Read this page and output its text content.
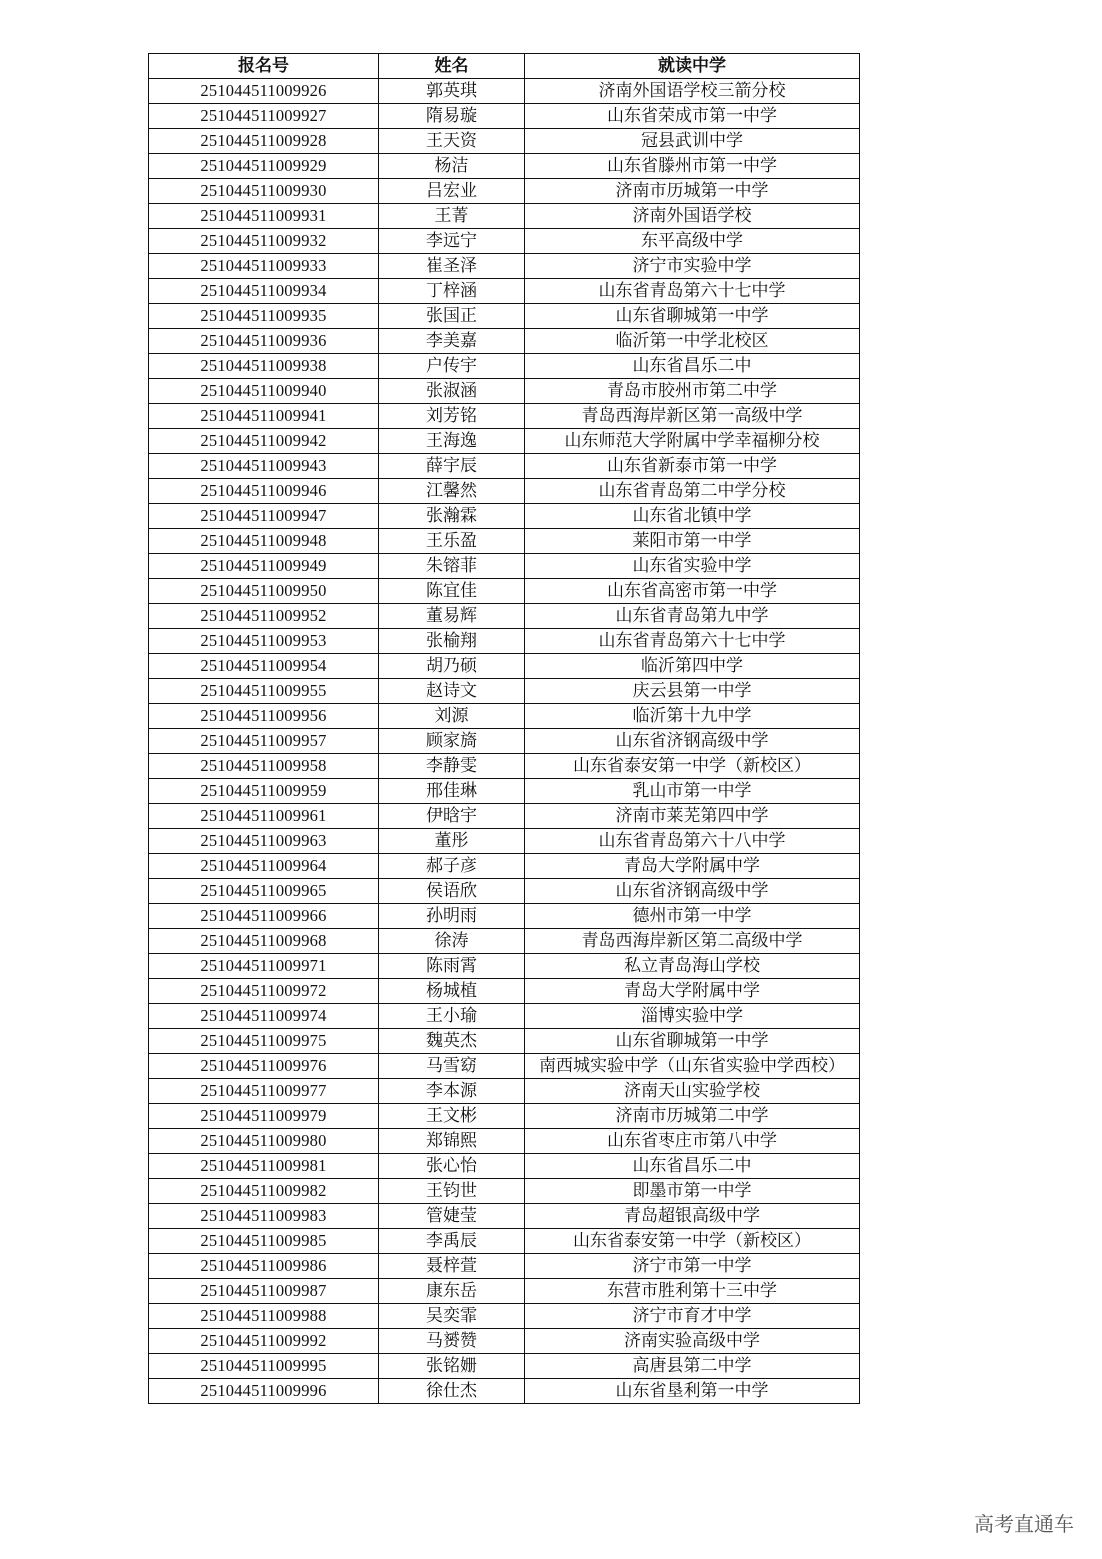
报名号	姓名	就读中学
251044511009926	郭英琪	济南外国语学校三箭分校
251044511009927	隋易璇	山东省荣成市第一中学
251044511009928	王天资	冠县武训中学
251044511009929	杨洁	山东省滕州市第一中学
251044511009930	吕宏业	济南市历城第一中学
251044511009931	王菁	济南外国语学校
251044511009932	李远宁	东平高级中学
251044511009933	崔圣泽	济宁市实验中学
251044511009934	丁梓涵	山东省青岛第六十七中学
251044511009935	张国正	山东省聊城第一中学
251044511009936	李美嘉	临沂第一中学北校区
251044511009938	户传宇	山东省昌乐二中
251044511009940	张淑涵	青岛市胶州市第二中学
251044511009941	刘芳铭	青岛西海岸新区第一高级中学
251044511009942	王海逸	山东师范大学附属中学幸福柳分校
251044511009943	薛宇辰	山东省新泰市第一中学
251044511009946	江馨然	山东省青岛第二中学分校
251044511009947	张瀚霖	山东省北镇中学
251044511009948	王乐盈	莱阳市第一中学
251044511009949	朱镕菲	山东省实验中学
251044511009950	陈宜佳	山东省高密市第一中学
251044511009952	董易辉	山东省青岛第九中学
251044511009953	张榆翔	山东省青岛第六十七中学
251044511009954	胡乃硕	临沂第四中学
251044511009955	赵诗文	庆云县第一中学
251044511009956	刘源	临沂第十九中学
251044511009957	顾家旖	山东省济钢高级中学
251044511009958	李静雯	山东省泰安第一中学（新校区）
251044511009959	邢佳琳	乳山市第一中学
251044511009961	伊晗宇	济南市莱芜第四中学
251044511009963	董彤	山东省青岛第六十八中学
251044511009964	郝子彦	青岛大学附属中学
251044511009965	侯语欣	山东省济钢高级中学
251044511009966	孙明雨	德州市第一中学
251044511009968	徐涛	青岛西海岸新区第二高级中学
251044511009971	陈雨霄	私立青岛海山学校
251044511009972	杨城植	青岛大学附属中学
251044511009974	王小瑜	淄博实验中学
251044511009975	魏英杰	山东省聊城第一中学
251044511009976	马雪窈	南西城实验中学（山东省实验中学西校）
251044511009977	李本源	济南天山实验学校
251044511009979	王文彬	济南市历城第二中学
251044511009980	郑锦熙	山东省枣庄市第八中学
251044511009981	张心怡	山东省昌乐二中
251044511009982	王钧世	即墨市第一中学
251044511009983	管婕莹	青岛超银高级中学
251044511009985	李禹辰	山东省泰安第一中学（新校区）
251044511009986	聂梓萱	济宁市第一中学
251044511009987	康东岳	东营市胜利第十三中学
251044511009988	吴奕霏	济宁市育才中学
251044511009992	马赟赞	济南实验高级中学
251044511009995	张铭姗	高唐县第二中学
251044511009996	徐仕杰	山东省垦利第一中学
高考直通车
